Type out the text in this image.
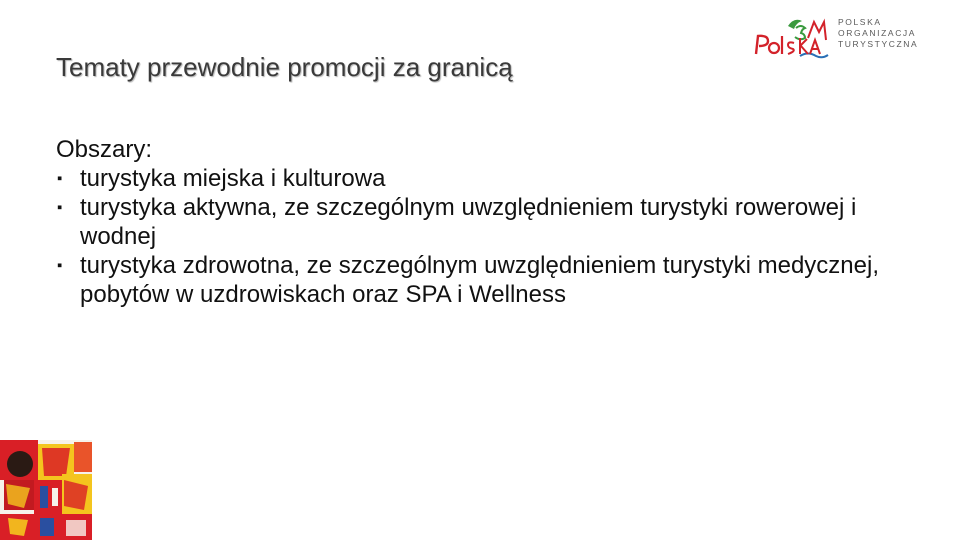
Tematy przewodnie promocji za granicą
Obszary:
▪ turystyka miejska i kulturowa
▪ turystyka aktywna, ze szczególnym uwzględnieniem turystyki rowerowej i wodnej
▪ turystyka zdrowotna, ze szczególnym uwzględnieniem turystyki medycznej, pobytów w uzdrowiskach oraz SPA i Wellness
POLSKA
ORGANIZACJA
TURYSTYCZNA
